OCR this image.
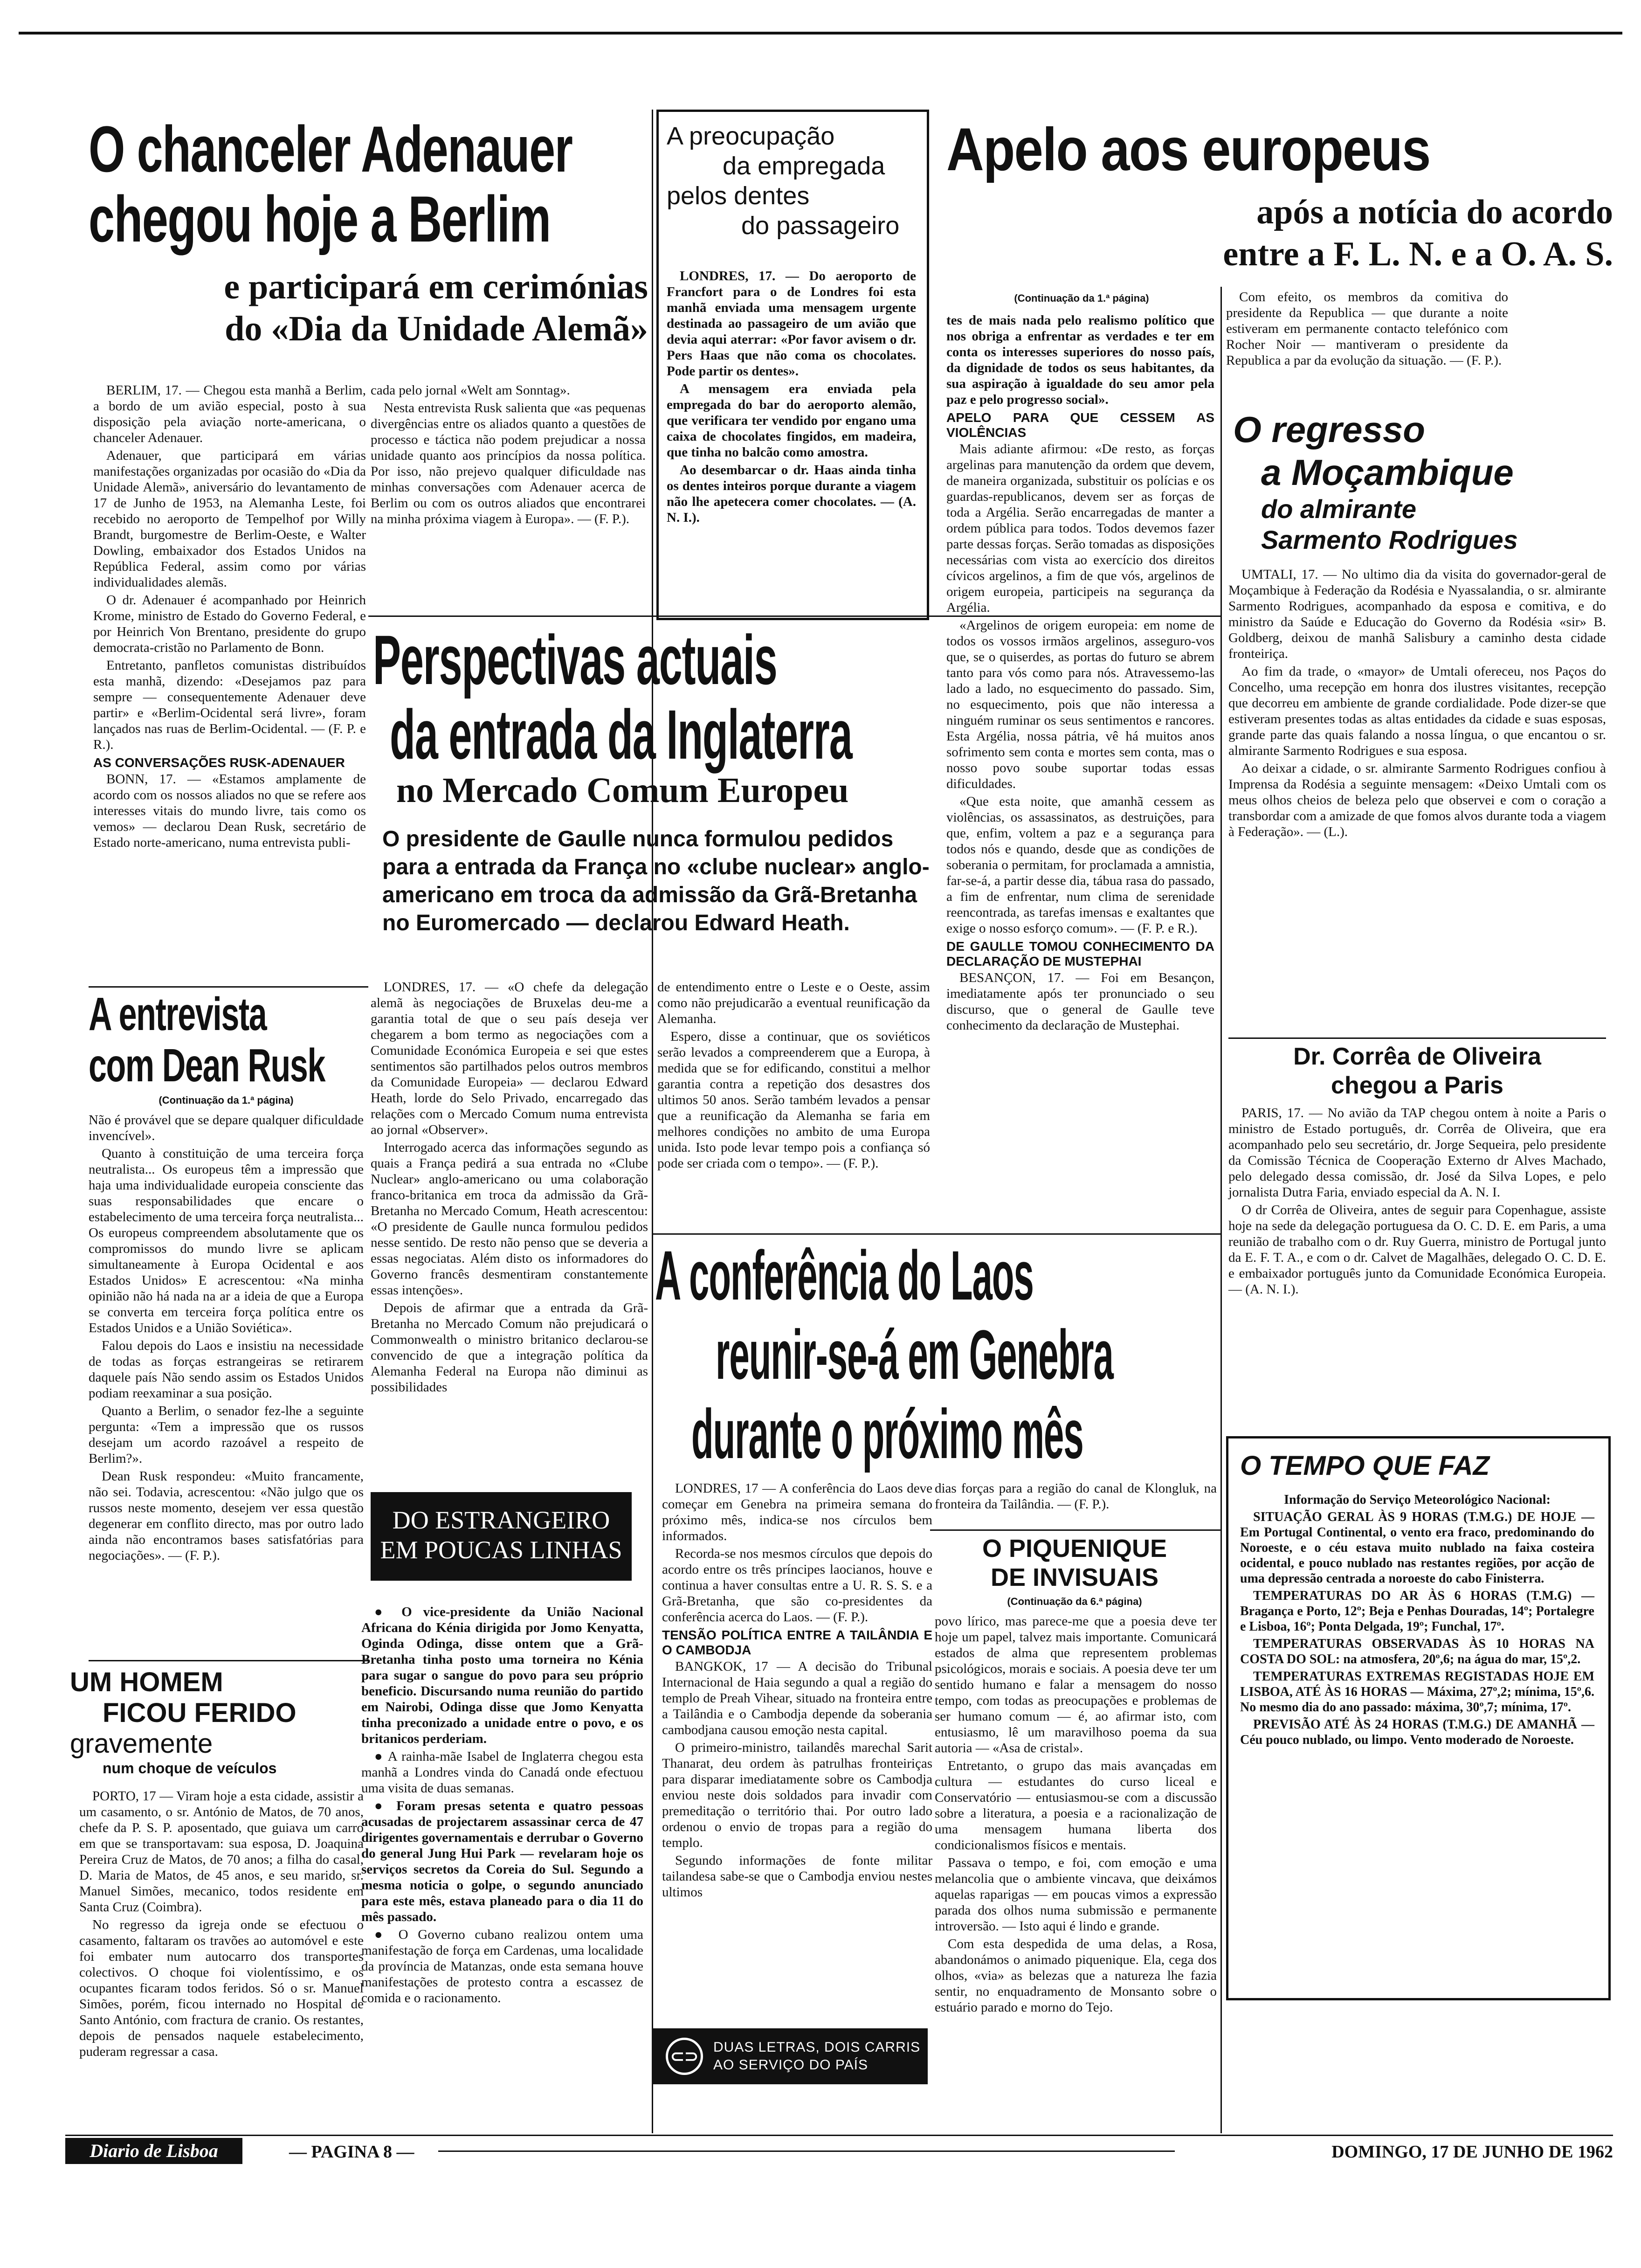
O chanceler Adenauer
chegou hoje a Berlim
e participará em cerimónias
do «Dia da Unidade Alemã»

BERLIM, 17. — Chegou esta manhã a Berlim, a bordo de um avião especial, posto à sua disposição pela aviação norte-americana, o chanceler Adenauer.

Adenauer, que participará em várias manifestações organizadas por ocasião do «Dia da Unidade Alemã», aniversário do levantamento de 17 de Junho de 1953, na Alemanha Leste, foi recebido no aeroporto de Tempelhof por Willy Brandt, burgomestre de Berlim-Oeste, e Walter Dowling, embaixador dos Estados Unidos na República Federal, assim como por várias individualidades alemãs.

O dr. Adenauer é acompanhado por Heinrich Krome, ministro de Estado do Governo Federal, e por Heinrich Von Brentano, presidente do grupo democrata-cristão no Parlamento de Bonn.

Entretanto, panfletos comunistas distribuídos esta manhã, dizendo: «Desejamos paz para sempre — consequentemente Adenauer deve partir» e «Berlim-Ocidental será livre», foram lançados nas ruas de Berlim-Ocidental. — (F. P. e R.).

AS CONVERSAÇÕES RUSK-ADENAUER

BONN, 17. — «Estamos amplamente de acordo com os nossos aliados no que se refere aos interesses vitais do mundo livre, tais como os vemos» — declarou Dean Rusk, secretário de Estado norte-americano, numa entrevista publi-

cada pelo jornal «Welt am Sonntag».

Nesta entrevista Rusk salienta que «as pequenas divergências entre os aliados quanto a questões de processo e táctica não podem prejudicar a nossa unidade quanto aos princípios da nossa política. Por isso, não prejevo qualquer dificuldade nas minhas conversações com Adenauer acerca de Berlim ou com os outros aliados que encontrarei na minha próxima viagem à Europa». — (F. P.).

A preocupação
da empregada
pelos dentes
do passageiro

LONDRES, 17. — Do aeroporto de Francfort para o de Londres foi esta manhã enviada uma mensagem urgente destinada ao passageiro de um avião que devia aqui aterrar: «Por favor avisem o dr. Pers Haas que não coma os chocolates. Pode partir os dentes».

A mensagem era enviada pela empregada do bar do aeroporto alemão, que verificara ter vendido por engano uma caixa de chocolates fingidos, em madeira, que tinha no balcão como amostra.

Ao desembarcar o dr. Haas ainda tinha os dentes inteiros porque durante a viagem não lhe apetecera comer chocolates. — (A. N. I.).

Apelo aos europeus
após a notícia do acordo
entre a F. L. N. e a O. A. S.
(Continuação da 1.ª página)

tes de mais nada pelo realismo político que nos obriga a enfrentar as verdades e ter em conta os interesses superiores do nosso país, da dignidade de todos os seus habitantes, da sua aspiração à igualdade do seu amor pela paz e pelo progresso social».

APELO PARA QUE CESSEM AS VIOLÊNCIAS

Mais adiante afirmou: «De resto, as forças argelinas para manutenção da ordem que devem, de maneira organizada, substituir os polícias e os guardas-republicanos, devem ser as forças de toda a Argélia. Serão encarregadas de manter a ordem pública para todos. Todos devemos fazer parte dessas forças. Serão tomadas as disposições necessárias com vista ao exercício dos direitos cívicos argelinos, a fim de que vós, argelinos de origem europeia, participeis na segurança da Argélia.

«Argelinos de origem europeia: em nome de todos os vossos irmãos argelinos, asseguro-vos que, se o quiserdes, as portas do futuro se abrem tanto para vós como para nós. Atravessemo-las lado a lado, no esquecimento do passado. Sim, no esquecimento, pois que não interessa a ninguém ruminar os seus sentimentos e rancores. Esta Argélia, nossa pátria, vê há muitos anos sofrimento sem conta e mortes sem conta, mas o nosso povo soube suportar todas essas dificuldades.

«Que esta noite, que amanhã cessem as violências, os assassinatos, as destruições, para que, enfim, voltem a paz e a segurança para todos nós e quando, desde que as condições de soberania o permitam, for proclamada a amnistia, far-se-á, a partir desse dia, tábua rasa do passado, a fim de enfrentar, num clima de serenidade reencontrada, as tarefas imensas e exaltantes que exige o nosso esforço comum». — (F. P. e R.).

DE GAULLE TOMOU CONHECIMENTO DA DECLARAÇÃO DE MUSTEPHAI

BESANÇON, 17. — Foi em Besançon, imediatamente após ter pronunciado o seu discurso, que o general de Gaulle teve conhecimento da declaração de Mustephai.

Com efeito, os membros da comitiva do presidente da Republica — que durante a noite estiveram em permanente contacto telefónico com Rocher Noir — mantiveram o presidente da Republica a par da evolução da situação. — (F. P.).

O regresso
a Moçambique
do almirante
Sarmento Rodrigues

UMTALI, 17. — No ultimo dia da visita do governador-geral de Moçambique à Federação da Rodésia e Nyassalandia, o sr. almirante Sarmento Rodrigues, acompanhado da esposa e comitiva, e do ministro da Saúde e Educação do Governo da Rodésia «sir» B. Goldberg, deixou de manhã Salisbury a caminho desta cidade fronteiriça.

Ao fim da trade, o «mayor» de Umtali ofereceu, nos Paços do Concelho, uma recepção em honra dos ilustres visitantes, recepção que decorreu em ambiente de grande cordialidade. Pode dizer-se que estiveram presentes todas as altas entidades da cidade e suas esposas, grande parte das quais falando a nossa língua, o que encantou o sr. almirante Sarmento Rodrigues e sua esposa.

Ao deixar a cidade, o sr. almirante Sarmento Rodrigues confiou à Imprensa da Rodésia a seguinte mensagem: «Deixo Umtali com os meus olhos cheios de beleza pelo que observei e com o coração a transbordar com a amizade de que fomos alvos durante toda a viagem à Federação». — (L.).

Dr. Corrêa de Oliveira
chegou a Paris

PARIS, 17. — No avião da TAP chegou ontem à noite a Paris o ministro de Estado português, dr. Corrêa de Oliveira, que era acompanhado pelo seu secretário, dr. Jorge Sequeira, pelo presidente da Comissão Técnica de Cooperação Externo dr Alves Machado, pelo delegado dessa comissão, dr. José da Silva Lopes, e pelo jornalista Dutra Faria, enviado especial da A. N. I.

O dr Corrêa de Oliveira, antes de seguir para Copenhague, assiste hoje na sede da delegação portuguesa da O. C. D. E. em Paris, a uma reunião de trabalho com o dr. Ruy Guerra, ministro de Portugal junto da E. F. T. A., e com o dr. Calvet de Magalhães, delegado O. C. D. E. e embaixador português junto da Comunidade Económica Europeia. — (A. N. I.).

O TEMPO QUE FAZ

Informação do Serviço Meteorológico Nacional:

SITUAÇÃO GERAL ÀS 9 HORAS (T.M.G.) DE HOJE — Em Portugal Continental, o vento era fraco, predominando do Noroeste, e o céu estava muito nublado na faixa costeira ocidental, e pouco nublado nas restantes regiões, por acção de uma depressão centrada a noroeste do cabo Finisterra.

TEMPERATURAS DO AR ÀS 6 HORAS (T.M.G) — Bragança e Porto, 12º; Beja e Penhas Douradas, 14º; Portalegre e Lisboa, 16º; Ponta Delgada, 19º; Funchal, 17º.

TEMPERATURAS OBSERVADAS ÀS 10 HORAS NA COSTA DO SOL: na atmosfera, 20º,6; na água do mar, 15º,2.

TEMPERATURAS EXTREMAS REGISTADAS HOJE EM LISBOA, ATÉ ÀS 16 HORAS — Máxima, 27º,2; mínima, 15º,6. No mesmo dia do ano passado: máxima, 30º,7; mínima, 17º.

PREVISÃO ATÉ ÀS 24 HORAS (T.M.G.) DE AMANHÃ — Céu pouco nublado, ou limpo. Vento moderado de Noroeste.

Perspectivas actuais
da entrada da Inglaterra
no Mercado Comum Europeu
O presidente de Gaulle nunca formulou pedidos para a entrada da França no «clube nuclear» anglo-americano em troca da admissão da Grã-Bretanha no Euromercado — declarou Edward Heath.

LONDRES, 17. — «O chefe da delegação alemã às negociações de Bruxelas deu-me a garantia total de que o seu país deseja ver chegarem a bom termo as negociações com a Comunidade Económica Europeia e sei que estes sentimentos são partilhados pelos outros membros da Comunidade Europeia» — declarou Edward Heath, lorde do Selo Privado, encarregado das relações com o Mercado Comum numa entrevista ao jornal «Observer».

Interrogado acerca das informações segundo as quais a França pedirá a sua entrada no «Clube Nuclear» anglo-americano ou uma colaboração franco-britanica em troca da admissão da Grã-Bretanha no Mercado Comum, Heath acrescentou: «O presidente de Gaulle nunca formulou pedidos nesse sentido. De resto não penso que se deveria a essas negociatas. Além disto os informadores do Governo francês desmentiram constantemente essas intenções».

Depois de afirmar que a entrada da Grã-Bretanha no Mercado Comum não prejudicará o Commonwealth o ministro britanico declarou-se convencido de que a integração política da Alemanha Federal na Europa não diminui as possibilidades

de entendimento entre o Leste e o Oeste, assim como não prejudicarão a eventual reunificação da Alemanha.

Espero, disse a continuar, que os soviéticos serão levados a compreenderem que a Europa, à medida que se for edificando, constitui a melhor garantia contra a repetição dos desastres dos ultimos 50 anos. Serão também levados a pensar que a reunificação da Alemanha se faria em melhores condições no ambito de uma Europa unida. Isto pode levar tempo pois a confiança só pode ser criada com o tempo». — (F. P.).

A entrevista
com Dean Rusk
(Continuação da 1.ª página)

Não é provável que se depare qualquer dificuldade invencível».

Quanto à constituição de uma terceira força neutralista... Os europeus têm a impressão que haja uma individualidade europeia consciente das suas responsabilidades que encare o estabelecimento de uma terceira força neutralista... Os europeus compreendem absolutamente que os compromissos do mundo livre se aplicam simultaneamente à Europa Ocidental e aos Estados Unidos» E acrescentou: «Na minha opinião não há nada na ar a ideia de que a Europa se converta em terceira força política entre os Estados Unidos e a União Soviética».

Falou depois do Laos e insistiu na necessidade de todas as forças estrangeiras se retirarem daquele país Não sendo assim os Estados Unidos podiam reexaminar a sua posição.

Quanto a Berlim, o senador fez-lhe a seguinte pergunta: «Tem a impressão que os russos desejam um acordo razoável a respeito de Berlim?».

Dean Rusk respondeu: «Muito francamente, não sei. Todavia, acrescentou: «Não julgo que os russos neste momento, desejem ver essa questão degenerar em conflito directo, mas por outro lado ainda não encontramos bases satisfatórias para negociações». — (F. P.).

UM HOMEM
FICOU FERIDO
gravemente
num choque de veículos

PORTO, 17 — Viram hoje a esta cidade, assistir a um casamento, o sr. António de Matos, de 70 anos, chefe da P. S. P. aposentado, que guiava um carro em que se transportavam: sua esposa, D. Joaquina Pereira Cruz de Matos, de 70 anos; a filha do casal, D. Maria de Matos, de 45 anos, e seu marido, sr. Manuel Simões, mecanico, todos residente em Santa Cruz (Coimbra).

No regresso da igreja onde se efectuou o casamento, faltaram os travões ao automóvel e este foi embater num autocarro dos transportes colectivos. O choque foi violentíssimo, e os ocupantes ficaram todos feridos. Só o sr. Manuel Simões, porém, ficou internado no Hospital de Santo António, com fractura de cranio. Os restantes, depois de pensados naquele estabelecimento, puderam regressar a casa.

DO ESTRANGEIRO
EM POUCAS LINHAS

● O vice-presidente da União Nacional Africana do Kénia dirigida por Jomo Kenyatta, Oginda Odinga, disse ontem que a Grã-Bretanha tinha posto uma torneira no Kénia para sugar o sangue do povo para seu próprio beneficio. Discursando numa reunião do partido em Nairobi, Odinga disse que Jomo Kenyatta tinha preconizado a unidade entre o povo, e os britanicos perderiam.

● A rainha-mãe Isabel de Inglaterra chegou esta manhã a Londres vinda do Canadá onde efectuou uma visita de duas semanas.

● Foram presas setenta e quatro pessoas acusadas de projectarem assassinar cerca de 47 dirigentes governamentais e derrubar o Governo do general Jung Hui Park — revelaram hoje os serviços secretos da Coreia do Sul. Segundo a mesma noticia o golpe, o segundo anunciado para este mês, estava planeado para o dia 11 do mês passado.

● O Governo cubano realizou ontem uma manifestação de força em Cardenas, uma localidade da província de Matanzas, onde esta semana houve manifestações de protesto contra a escassez de comida e o racionamento.

A conferência do Laos
reunir-se-á em Genebra
durante o próximo mês

LONDRES, 17 — A conferência do Laos deve começar em Genebra na primeira semana do próximo mês, indica-se nos círculos bem informados.

Recorda-se nos mesmos círculos que depois do acordo entre os três príncipes laocianos, houve e continua a haver consultas entre a U. R. S. S. e a Grã-Bretanha, que são co-presidentes da conferência acerca do Laos. — (F. P.).

TENSÃO POLÍTICA ENTRE A TAILÂNDIA E O CAMBODJA

BANGKOK, 17 — A decisão do Tribunal Internacional de Haia segundo a qual a região do templo de Preah Vihear, situado na fronteira entre a Tailândia e o Cambodja depende da soberania cambodjana causou emoção nesta capital.

O primeiro-ministro, tailandês marechal Sarit Thanarat, deu ordem às patrulhas fronteiriças para disparar imediatamente sobre os Cambodja enviou neste dois soldados para invadir com premeditação o território thai. Por outro lado ordenou o envio de tropas para a região do templo.

Segundo informações de fonte militar tailandesa sabe-se que o Cambodja enviou nestes ultimos

dias forças para a região do canal de Klongluk, na fronteira da Tailândia. — (F. P.).

O PIQUENIQUE
DE INVISUAIS
(Continuação da 6.ª página)

povo lírico, mas parece-me que a poesia deve ter hoje um papel, talvez mais importante. Comunicará estados de alma que representem problemas psicológicos, morais e sociais. A poesia deve ter um sentido humano e falar a mensagem do nosso tempo, com todas as preocupações e problemas de ser humano comum — é, ao afirmar isto, com entusiasmo, lê um maravilhoso poema da sua autoria — «Asa de cristal».

Entretanto, o grupo das mais avançadas em cultura — estudantes do curso liceal e Conservatório — entusiasmou-se com a discussão sobre a literatura, a poesia e a racionalização de uma mensagem humana liberta dos condicionalismos físicos e mentais.

Passava o tempo, e foi, com emoção e uma melancolia que o ambiente vincava, que deixámos aquelas raparigas — em poucas vimos a expressão parada dos olhos numa submissão e permanente introversão. — Isto aqui é lindo e grande.

Com esta despedida de uma delas, a Rosa, abandonámos o animado piquenique. Ela, cega dos olhos, «via» as belezas que a natureza lhe fazia sentir, no enquadramento de Monsanto sobre o estuário parado e morno do Tejo.

⊂⊃	DUAS LETRAS, DOIS CARRIS
AO SERVIÇO DO PAÍS
Diario de Lisboa	— PAGINA 8 —	DOMINGO, 17 DE JUNHO DE 1962
